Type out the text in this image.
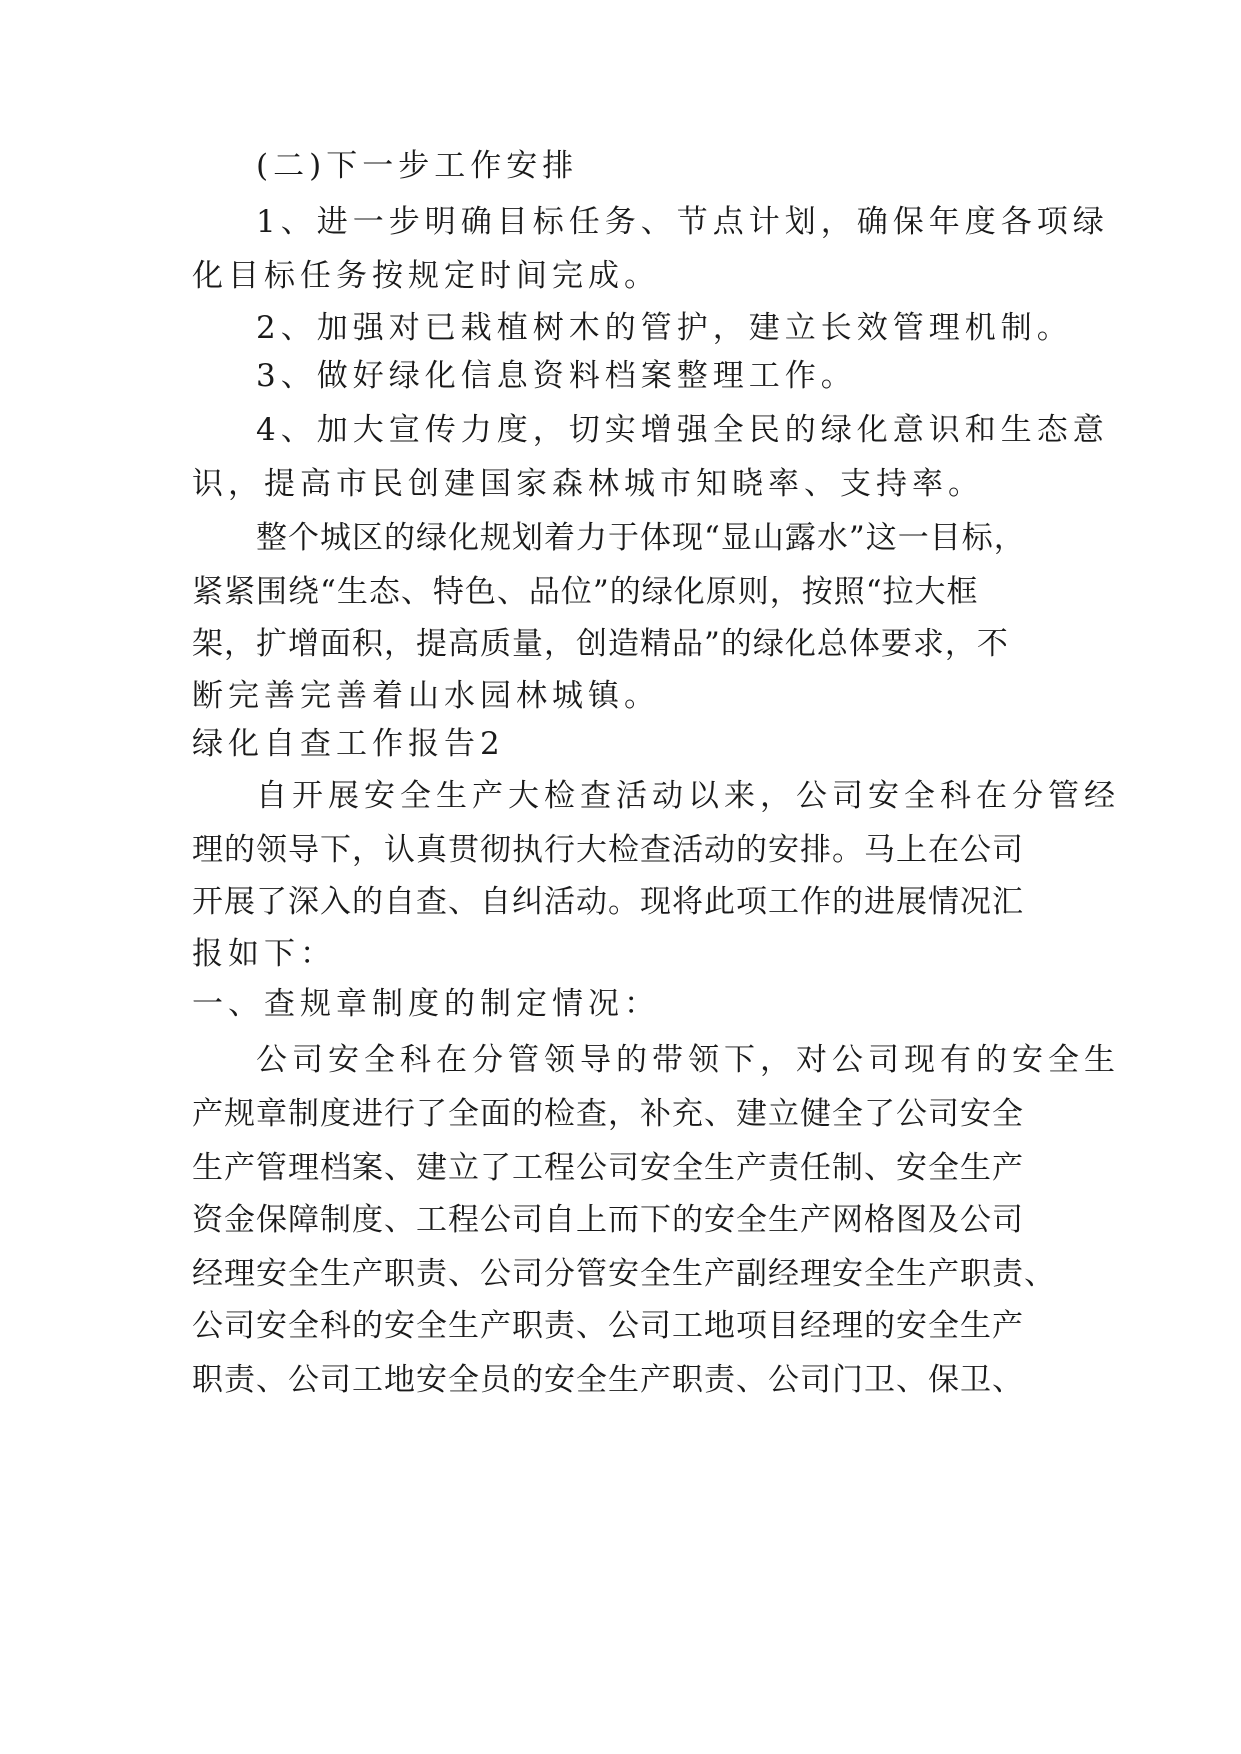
(二)下一步工作安排
1、进一步明确目标任务、节点计划，确保年度各项绿
化目标任务按规定时间完成。
2、加强对已栽植树木的管护，建立长效管理机制。
3、做好绿化信息资料档案整理工作。
4、加大宣传力度，切实增强全民的绿化意识和生态意
识，提高市民创建国家森林城市知晓率、支持率。
整个城区的绿化规划着力于体现“显山露水”这一目标，
紧紧围绕“生态、特色、品位”的绿化原则，按照“拉大框
架，扩增面积，提高质量，创造精品”的绿化总体要求，不
断完善完善着山水园林城镇。
绿化自查工作报告2
自开展安全生产大检查活动以来，公司安全科在分管经
理的领导下，认真贯彻执行大检查活动的安排。马上在公司
开展了深入的自查、自纠活动。现将此项工作的进展情况汇
报如下：
一、查规章制度的制定情况：
公司安全科在分管领导的带领下，对公司现有的安全生
产规章制度进行了全面的检查，补充、建立健全了公司安全
生产管理档案、建立了工程公司安全生产责任制、安全生产
资金保障制度、工程公司自上而下的安全生产网格图及公司
经理安全生产职责、公司分管安全生产副经理安全生产职责、
公司安全科的安全生产职责、公司工地项目经理的安全生产
职责、公司工地安全员的安全生产职责、公司门卫、保卫、
